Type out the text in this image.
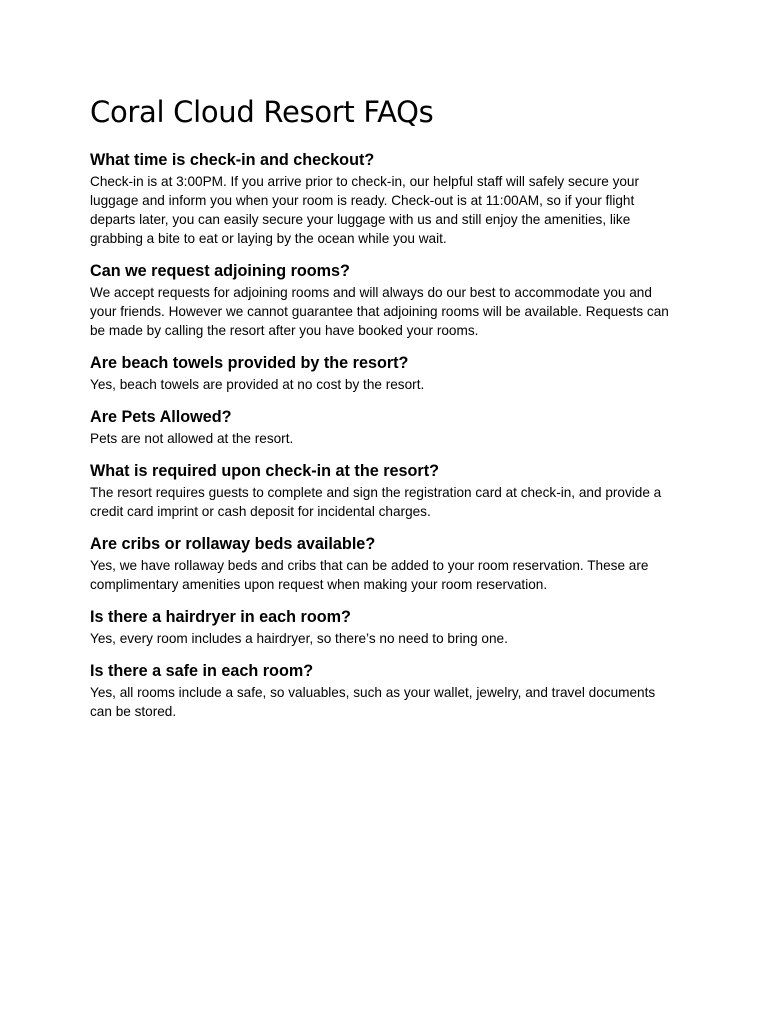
Coral Cloud Resort FAQs
What time is check-in and checkout?

Check-in is at 3:00PM. If you arrive prior to check-in, our helpful staff will safely secure your luggage and inform you when your room is ready. Check-out is at 11:00AM, so if your flight departs later, you can easily secure your luggage with us and still enjoy the amenities, like grabbing a bite to eat or laying by the ocean while you wait.

Can we request adjoining rooms?

We accept requests for adjoining rooms and will always do our best to accommodate you and your friends. However we cannot guarantee that adjoining rooms will be available. Requests can be made by calling the resort after you have booked your rooms.

Are beach towels provided by the resort?

Yes, beach towels are provided at no cost by the resort.

Are Pets Allowed?

Pets are not allowed at the resort.

What is required upon check-in at the resort?

The resort requires guests to complete and sign the registration card at check-in, and provide a credit card imprint or cash deposit for incidental charges.

Are cribs or rollaway beds available?

Yes, we have rollaway beds and cribs that can be added to your room reservation. These are complimentary amenities upon request when making your room reservation.

Is there a hairdryer in each room?

Yes, every room includes a hairdryer, so there’s no need to bring one.

Is there a safe in each room?

Yes, all rooms include a safe, so valuables, such as your wallet, jewelry, and travel documents can be stored.
